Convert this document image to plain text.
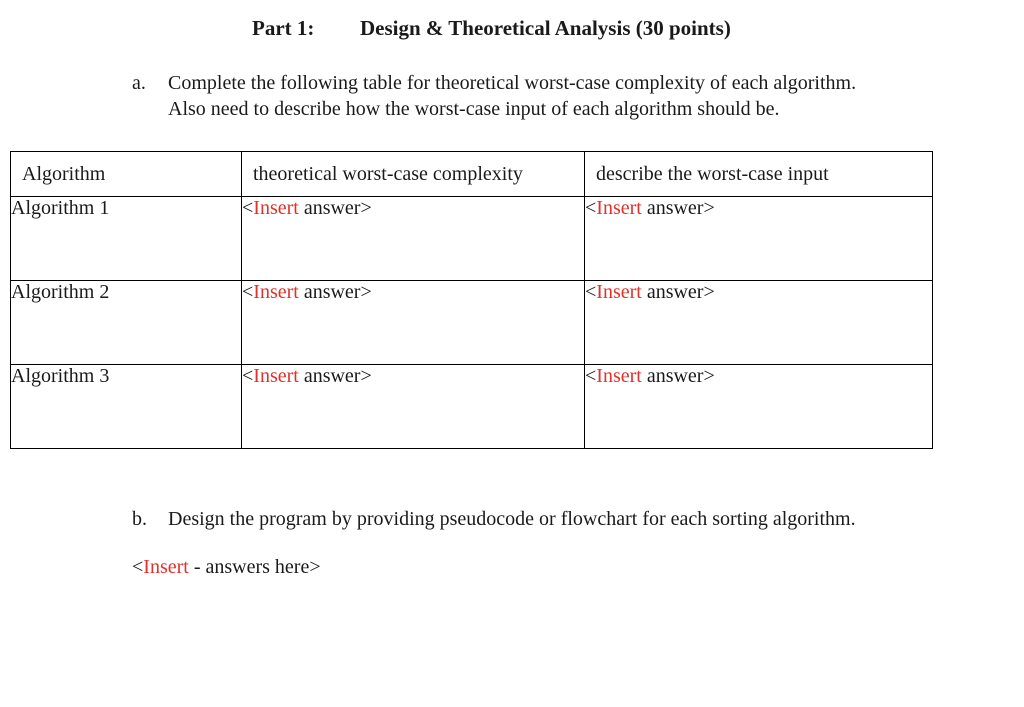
Part 1: Design & Theoretical Analysis (30 points)
a. Complete the following table for theoretical worst-case complexity of each algorithm.
Also need to describe how the worst-case input of each algorithm should be.
Algorithm	theoretical worst-case complexity	describe the worst-case input
Algorithm 1	<Insert answer>	<Insert answer>
Algorithm 2	<Insert answer>	<Insert answer>
Algorithm 3	<Insert answer>	<Insert answer>
b. Design the program by providing pseudocode or flowchart for each sorting algorithm.
<Insert - answers here>
